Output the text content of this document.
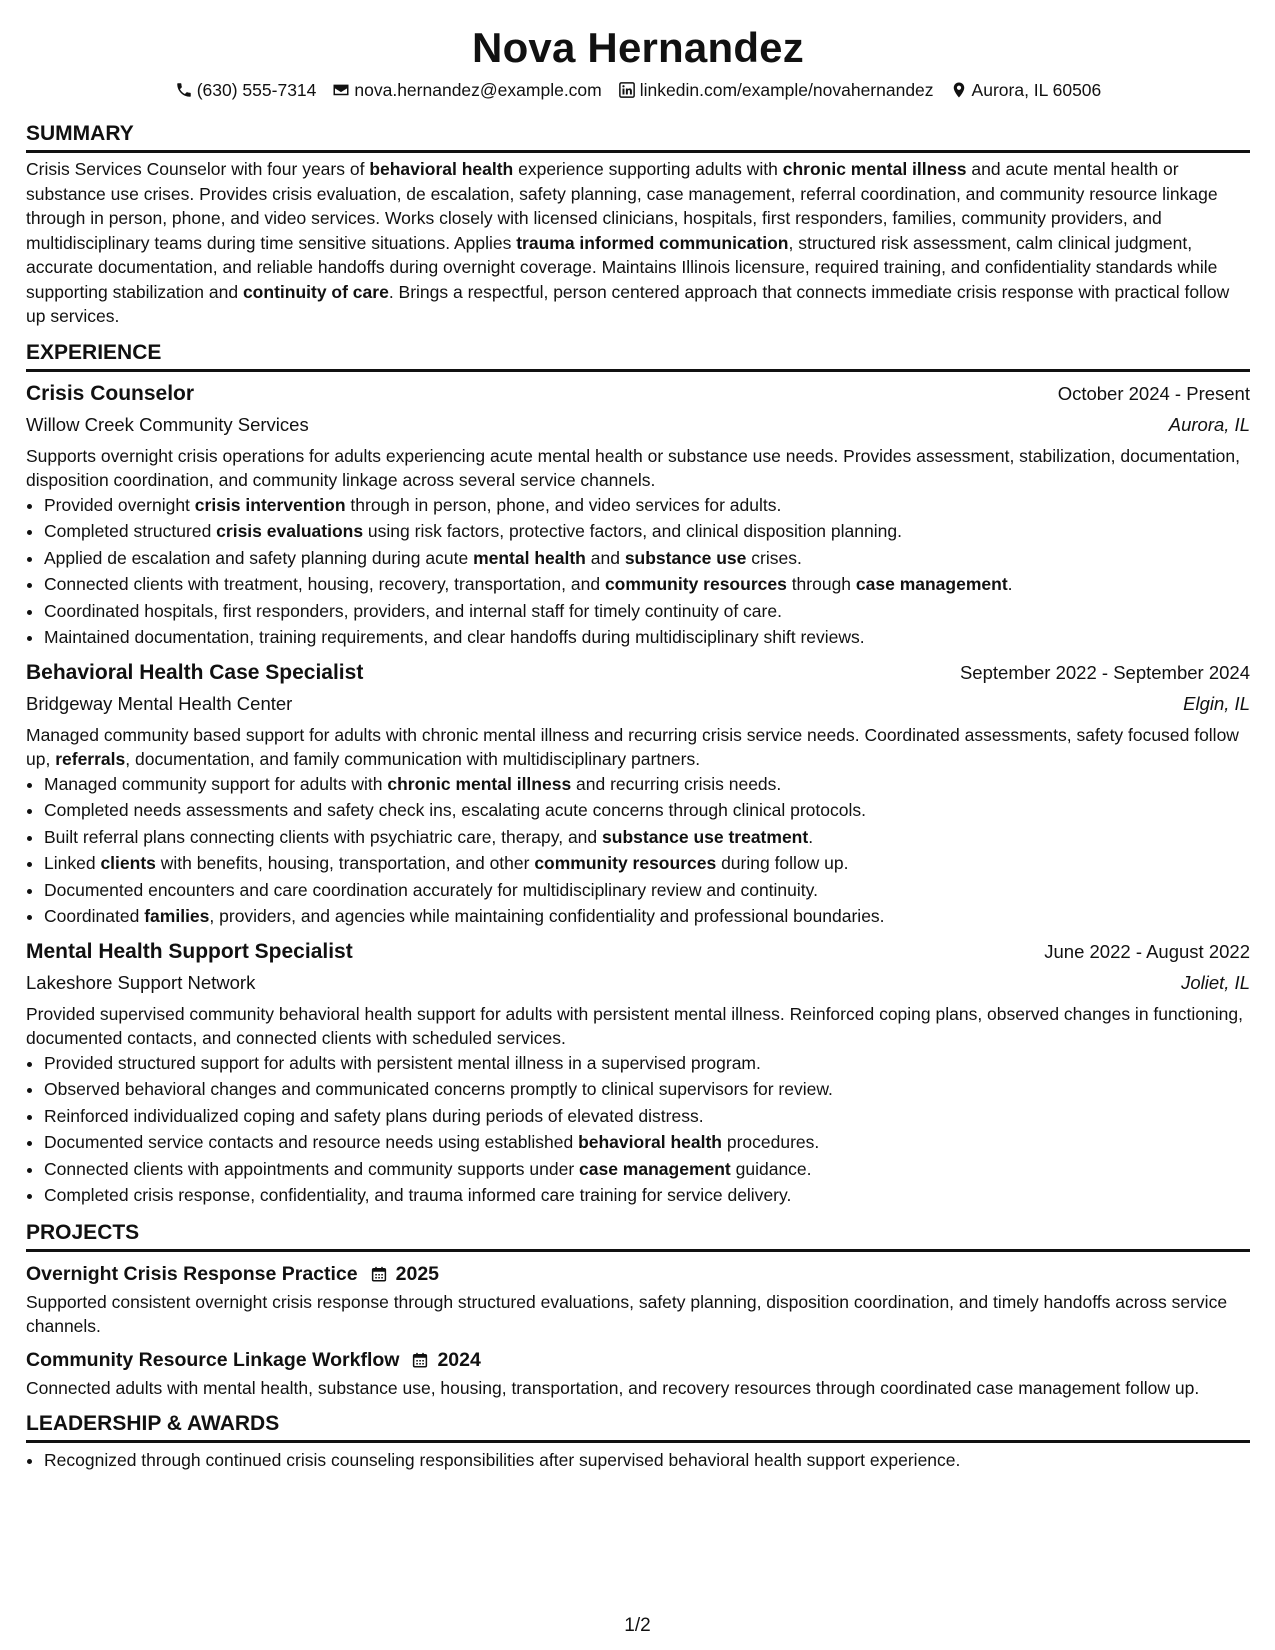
Nova Hernandez
(630) 555-7314 nova.hernandez@example.com linkedin.com/example/novahernandez Aurora, IL 60506
SUMMARY

Crisis Services Counselor with four years of behavioral health experience supporting adults with chronic mental illness and acute mental health or substance use crises. Provides crisis evaluation, de escalation, safety planning, case management, referral coordination, and community resource linkage through in person, phone, and video services. Works closely with licensed clinicians, hospitals, first responders, families, community providers, and multidisciplinary teams during time sensitive situations. Applies trauma informed communication, structured risk assessment, calm clinical judgment, accurate documentation, and reliable handoffs during overnight coverage. Maintains Illinois licensure, required training, and confidentiality standards while supporting stabilization and continuity of care. Brings a respectful, person centered approach that connects immediate crisis response with practical follow up services.

EXPERIENCE
Crisis Counselor	October 2024 - Present
Willow Creek Community Services	Aurora, IL

Supports overnight crisis operations for adults experiencing acute mental health or substance use needs. Provides assessment, stabilization, documentation, disposition coordination, and community linkage across several service channels.

• Provided overnight crisis intervention through in person, phone, and video services for adults.
• Completed structured crisis evaluations using risk factors, protective factors, and clinical disposition planning.
• Applied de escalation and safety planning during acute mental health and substance use crises.
• Connected clients with treatment, housing, recovery, transportation, and community resources through case management.
• Coordinated hospitals, first responders, providers, and internal staff for timely continuity of care.
• Maintained documentation, training requirements, and clear handoffs during multidisciplinary shift reviews.
Behavioral Health Case Specialist	September 2022 - September 2024
Bridgeway Mental Health Center	Elgin, IL

Managed community based support for adults with chronic mental illness and recurring crisis service needs. Coordinated assessments, safety focused follow up, referrals, documentation, and family communication with multidisciplinary partners.

• Managed community support for adults with chronic mental illness and recurring crisis needs.
• Completed needs assessments and safety check ins, escalating acute concerns through clinical protocols.
• Built referral plans connecting clients with psychiatric care, therapy, and substance use treatment.
• Linked clients with benefits, housing, transportation, and other community resources during follow up.
• Documented encounters and care coordination accurately for multidisciplinary review and continuity.
• Coordinated families, providers, and agencies while maintaining confidentiality and professional boundaries.
Mental Health Support Specialist	June 2022 - August 2022
Lakeshore Support Network	Joliet, IL

Provided supervised community behavioral health support for adults with persistent mental illness. Reinforced coping plans, observed changes in functioning, documented contacts, and connected clients with scheduled services.

• Provided structured support for adults with persistent mental illness in a supervised program.
• Observed behavioral changes and communicated concerns promptly to clinical supervisors for review.
• Reinforced individualized coping and safety plans during periods of elevated distress.
• Documented service contacts and resource needs using established behavioral health procedures.
• Connected clients with appointments and community supports under case management guidance.
• Completed crisis response, confidentiality, and trauma informed care training for service delivery.
PROJECTS
Overnight Crisis Response Practice 2025

Supported consistent overnight crisis response through structured evaluations, safety planning, disposition coordination, and timely handoffs across service channels.

Community Resource Linkage Workflow 2024

Connected adults with mental health, substance use, housing, transportation, and recovery resources through coordinated case management follow up.

LEADERSHIP & AWARDS
• Recognized through continued crisis counseling responsibilities after supervised behavioral health support experience.
1/2
